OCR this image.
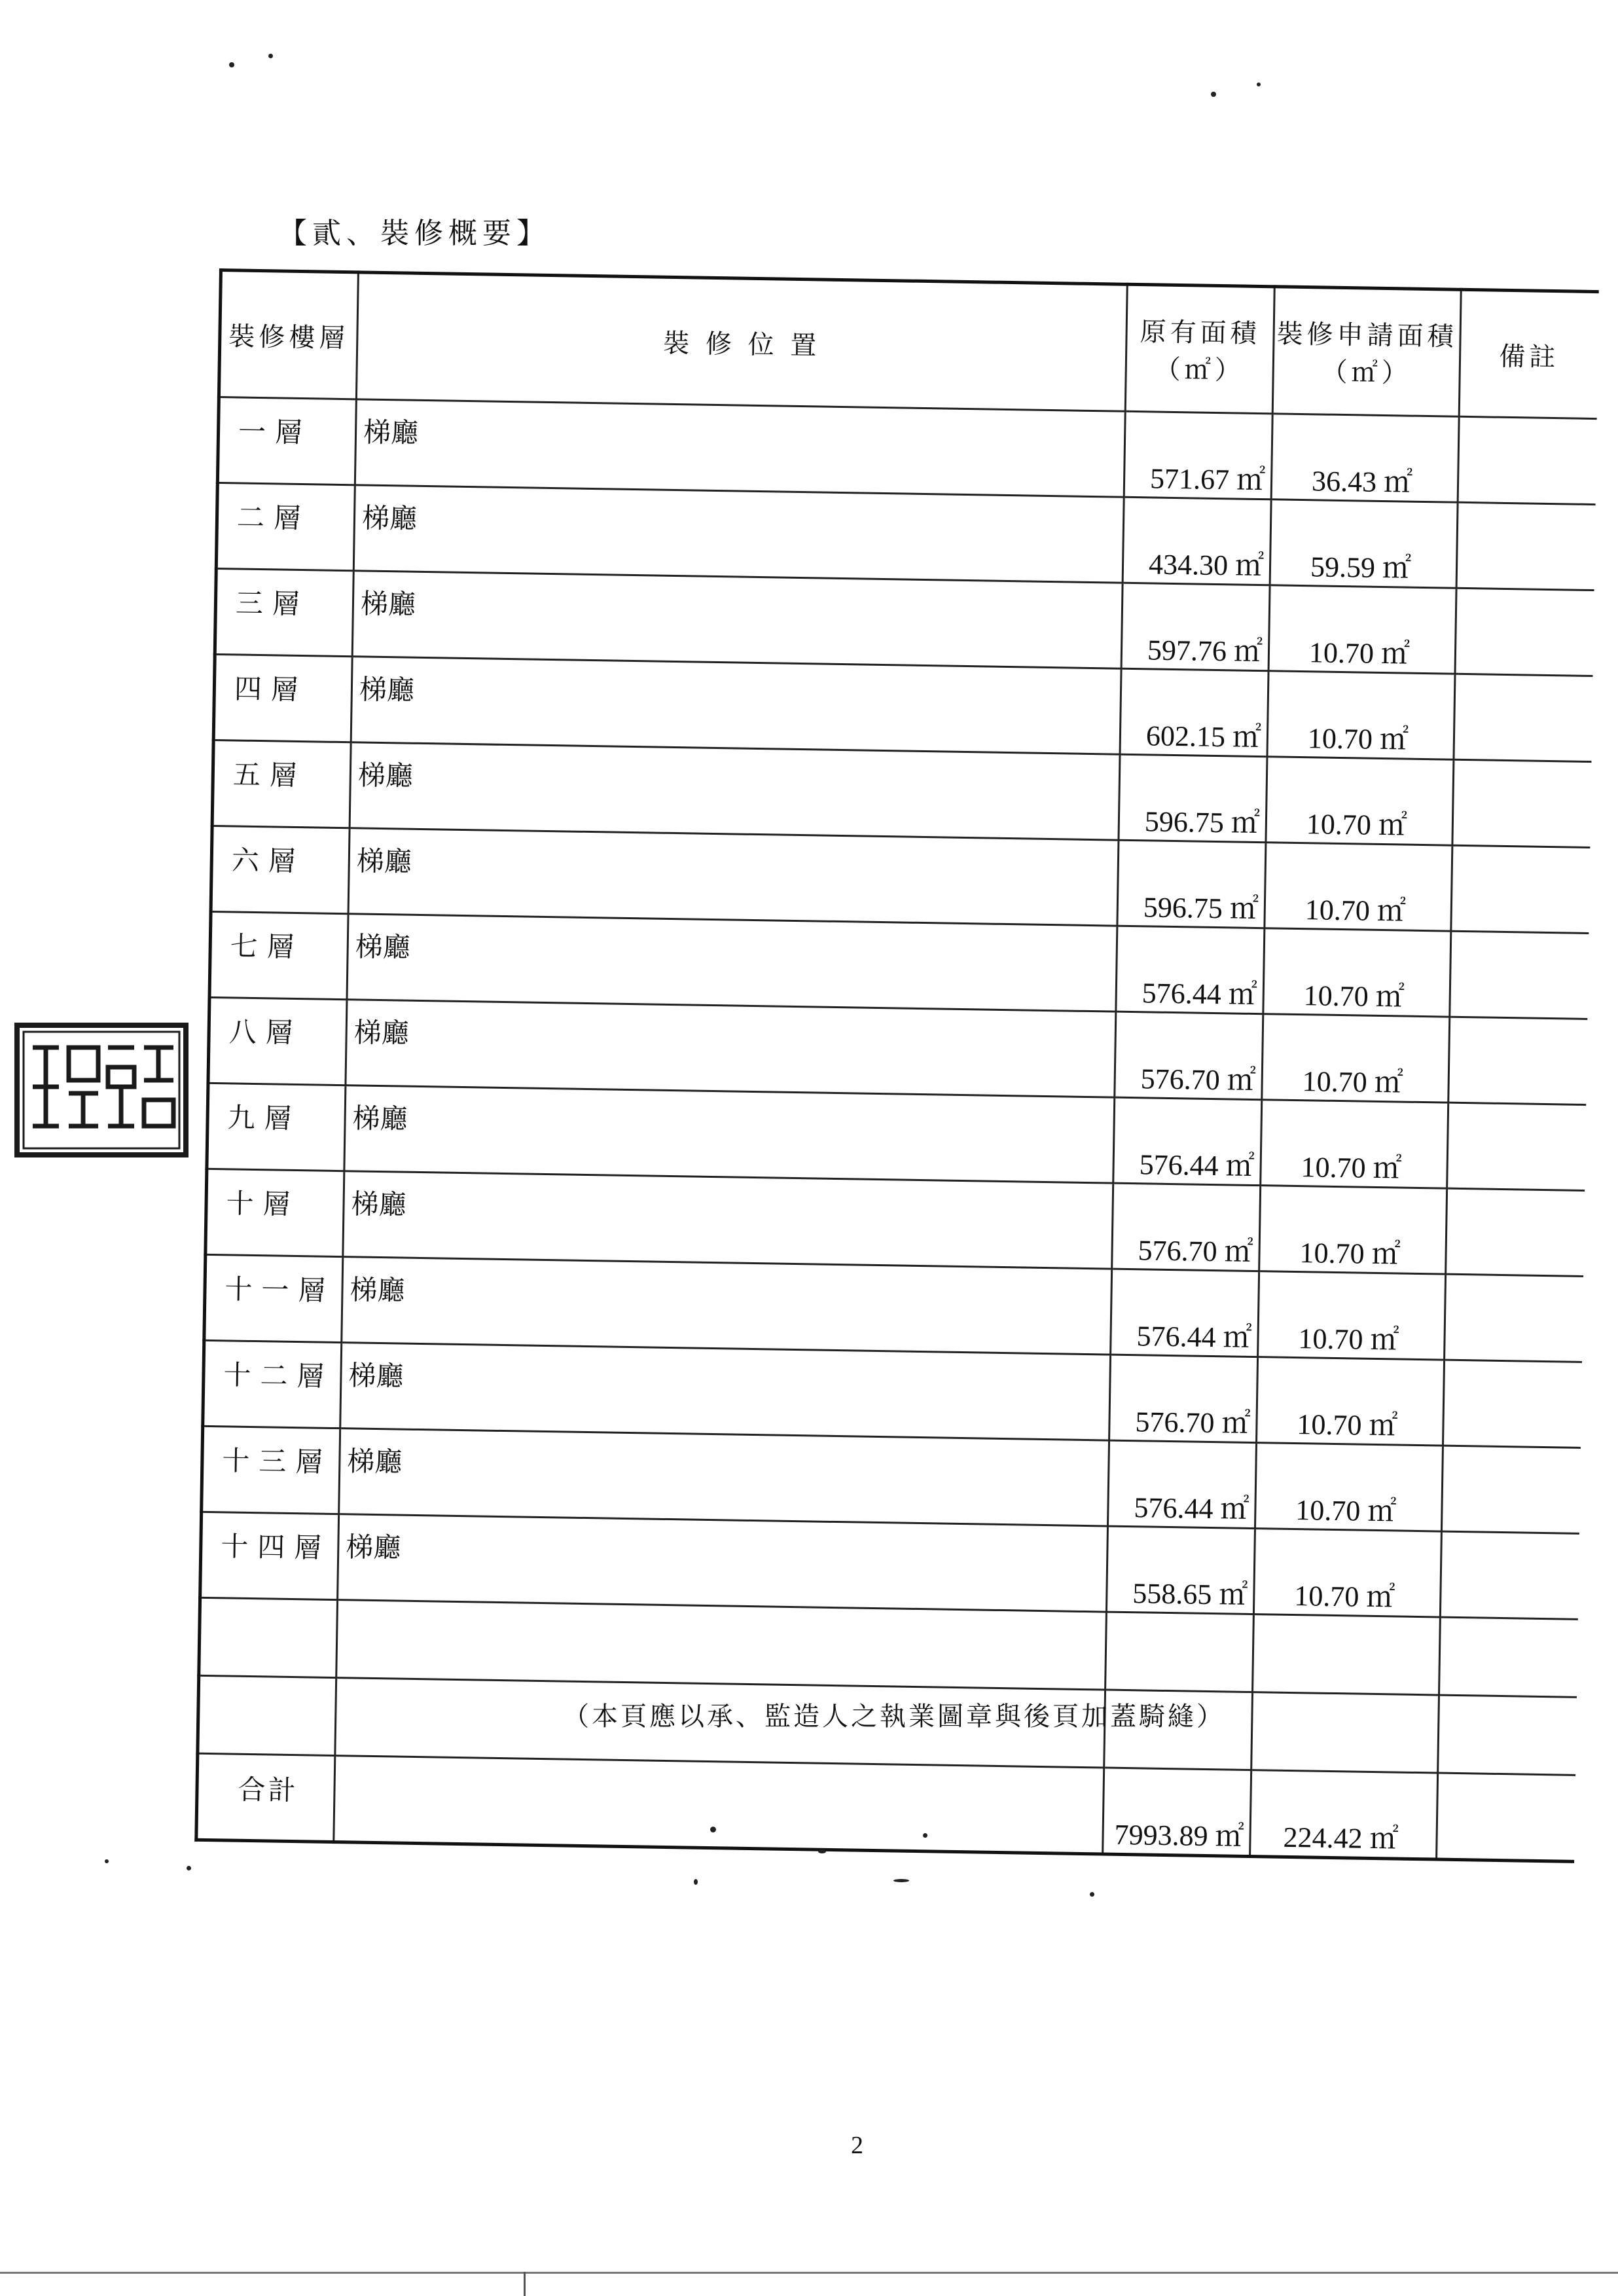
【貳、裝修概要】
裝修樓層	裝 修 位 置	原有面積（㎡）	裝修申請面積（㎡）	備註

一層	梯廳	571.67 ㎡	36.43 ㎡	

二層	梯廳	434.30 ㎡	59.59 ㎡	

三層	梯廳	597.76 ㎡	10.70 ㎡	

四層	梯廳	602.15 ㎡	10.70 ㎡	

五層	梯廳	596.75 ㎡	10.70 ㎡	

六層	梯廳	596.75 ㎡	10.70 ㎡	

七層	梯廳	576.44 ㎡	10.70 ㎡	

八層	梯廳	576.70 ㎡	10.70 ㎡	

九層	梯廳	576.44 ㎡	10.70 ㎡	

十層	梯廳	576.70 ㎡	10.70 ㎡	

十一層	梯廳	576.44 ㎡	10.70 ㎡	

十二層	梯廳	576.70 ㎡	10.70 ㎡	

十三層	梯廳	576.44 ㎡	10.70 ㎡	

十四層	梯廳	558.65 ㎡	10.70 ㎡	

合計		7993.89 ㎡	224.42 ㎡	

（本頁應以承、監造人之執業圖章與後頁加蓋騎縫）
2
